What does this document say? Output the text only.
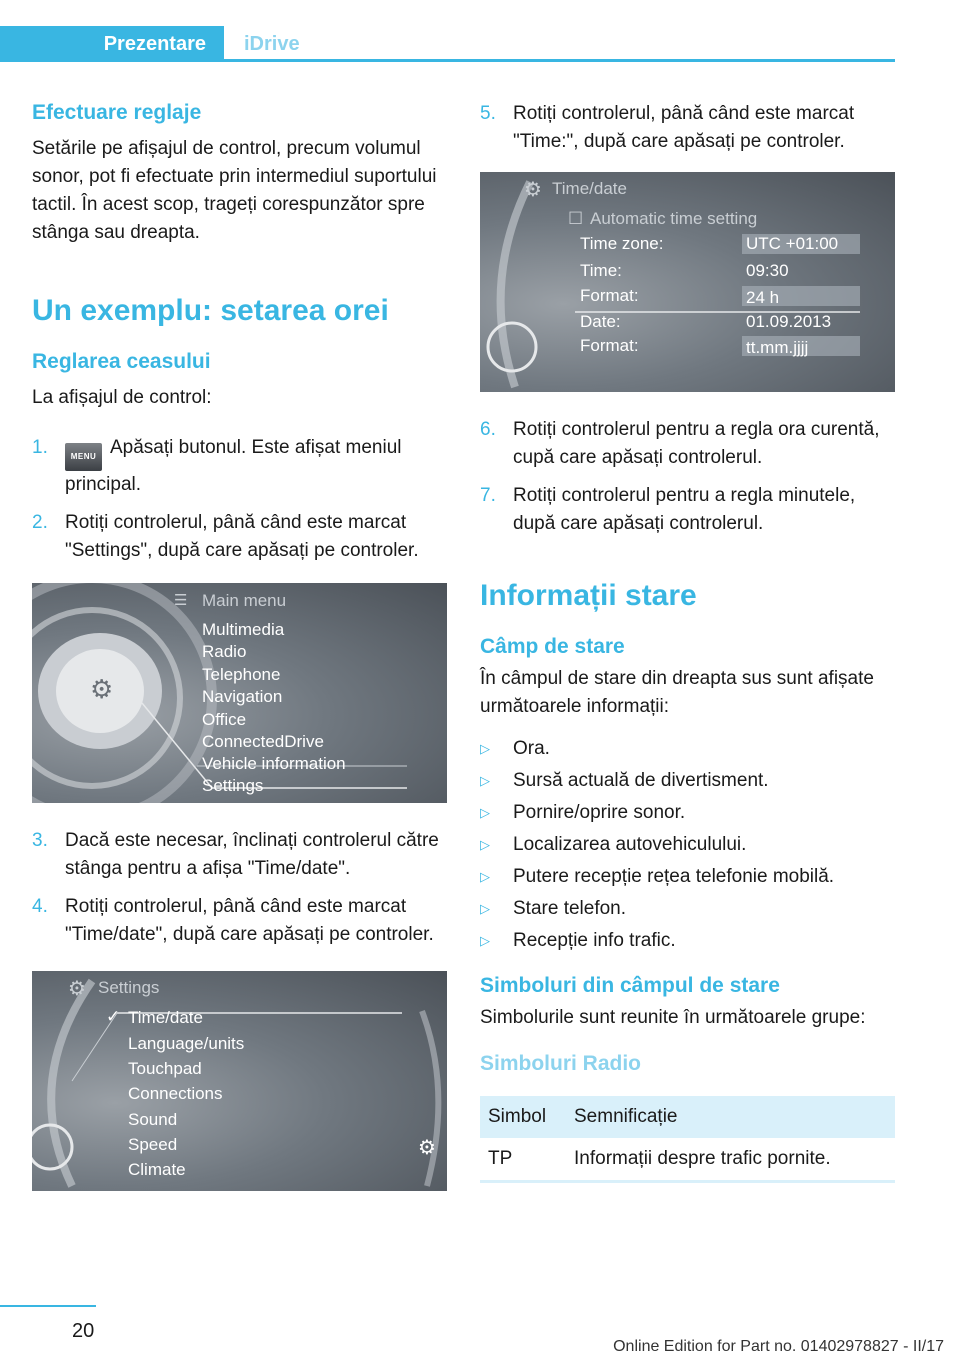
Prezentare	iDrive
Efectuare reglaje

Setările pe afișajul de control, precum volumul sonor, pot fi efectuate prin intermediul suportului tactil. În acest scop, trageți corespunzător spre stânga sau dreapta.

Un exemplu: setarea orei
Reglarea ceasului

La afișajul de control:

1.	MENU Apăsați butonul. Este afișat meniul principal.
2. Rotiți controlerul, până când este marcat "Settings", după care apăsați pe controler.
⚙
☰ Main menu
Multimedia
Radio
Telephone
Navigation
Office
ConnectedDrive
Vehicle information
Settings
3. Dacă este necesar, înclinați controlerul către stânga pentru a afișa "Time/date".
4. Rotiți controlerul, până când este marcat "Time/date", după care apăsați pe controler.
⚙ Settings
✓ Time/date
Language/units
Touchpad
Connections
Sound
Speed
Climate
⚙
5. Rotiți controlerul, până când este marcat "Time:", după care apăsați pe controler.
⚙ Time/date
☐ Automatic time setting
Time zone:	UTC +01:00
Time:	09:30
Format:	24 h
Date:	01.09.2013
Format:	tt.mm.jjjj
6. Rotiți controlerul pentru a regla ora curentă, cupă care apăsați controlerul.
7. Rotiți controlerul pentru a regla minutele, după care apăsați controlerul.
Informații stare
Câmp de stare

În câmpul de stare din dreapta sus sunt afișate următoarele informații:

▷	Ora.
▷	Sursă actuală de divertisment.
▷	Pornire/oprire sonor.
▷	Localizarea autovehiculului.
▷	Putere recepție rețea telefonie mobilă.
▷	Stare telefon.
▷	Recepție info trafic.
Simboluri din câmpul de stare

Simbolurile sunt reunite în următoarele grupe:

Simboluri Radio
Simbol	Semnificație
TP	Informații despre trafic pornite.
20
Online Edition for Part no. 01402978827 - II/17
